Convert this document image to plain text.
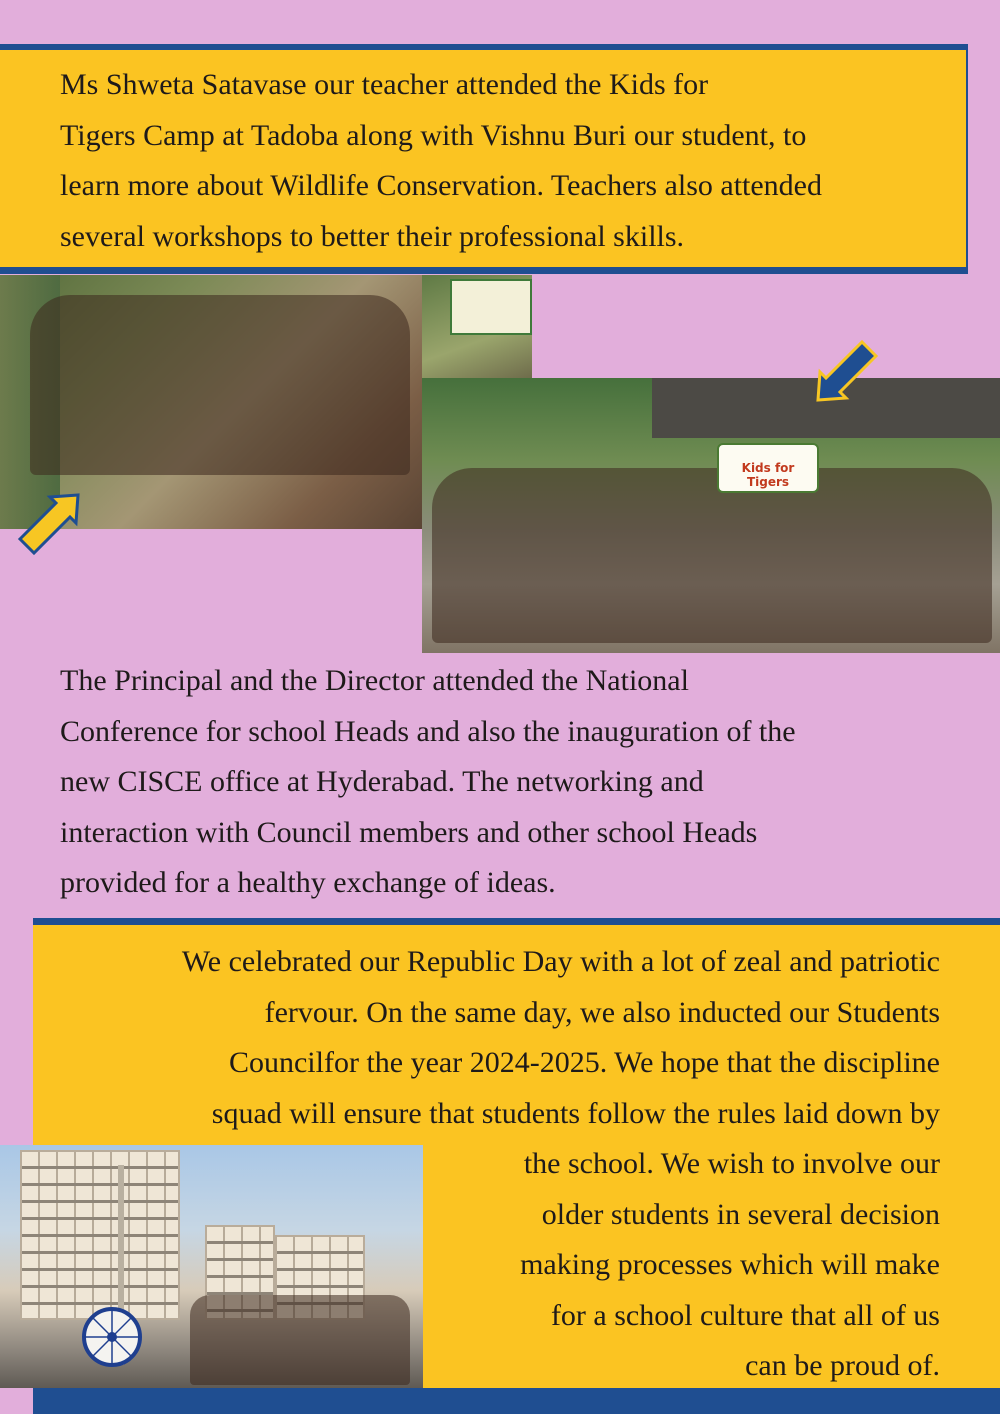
Ms Shweta Satavase our teacher attended the Kids for
Tigers Camp at Tadoba along with Vishnu Buri our student, to
learn more about Wildlife Conservation. Teachers also attended
several workshops to better their professional skills.

Kids for Tigers

The Principal and the Director attended the National
Conference for school Heads and also the inauguration of the
new CISCE office at Hyderabad. The networking and
interaction with Council members and other school Heads
provided for a healthy exchange of ideas.

We celebrated our Republic Day with a lot of zeal and patriotic
fervour. On the same day, we also inducted our Students
Councilfor the year 2024-2025. We hope that the discipline
squad will ensure that students follow the rules laid down by
the school. We wish to involve our
older students in several decision
making processes which will make
for a school culture that all of us
can be proud of.
